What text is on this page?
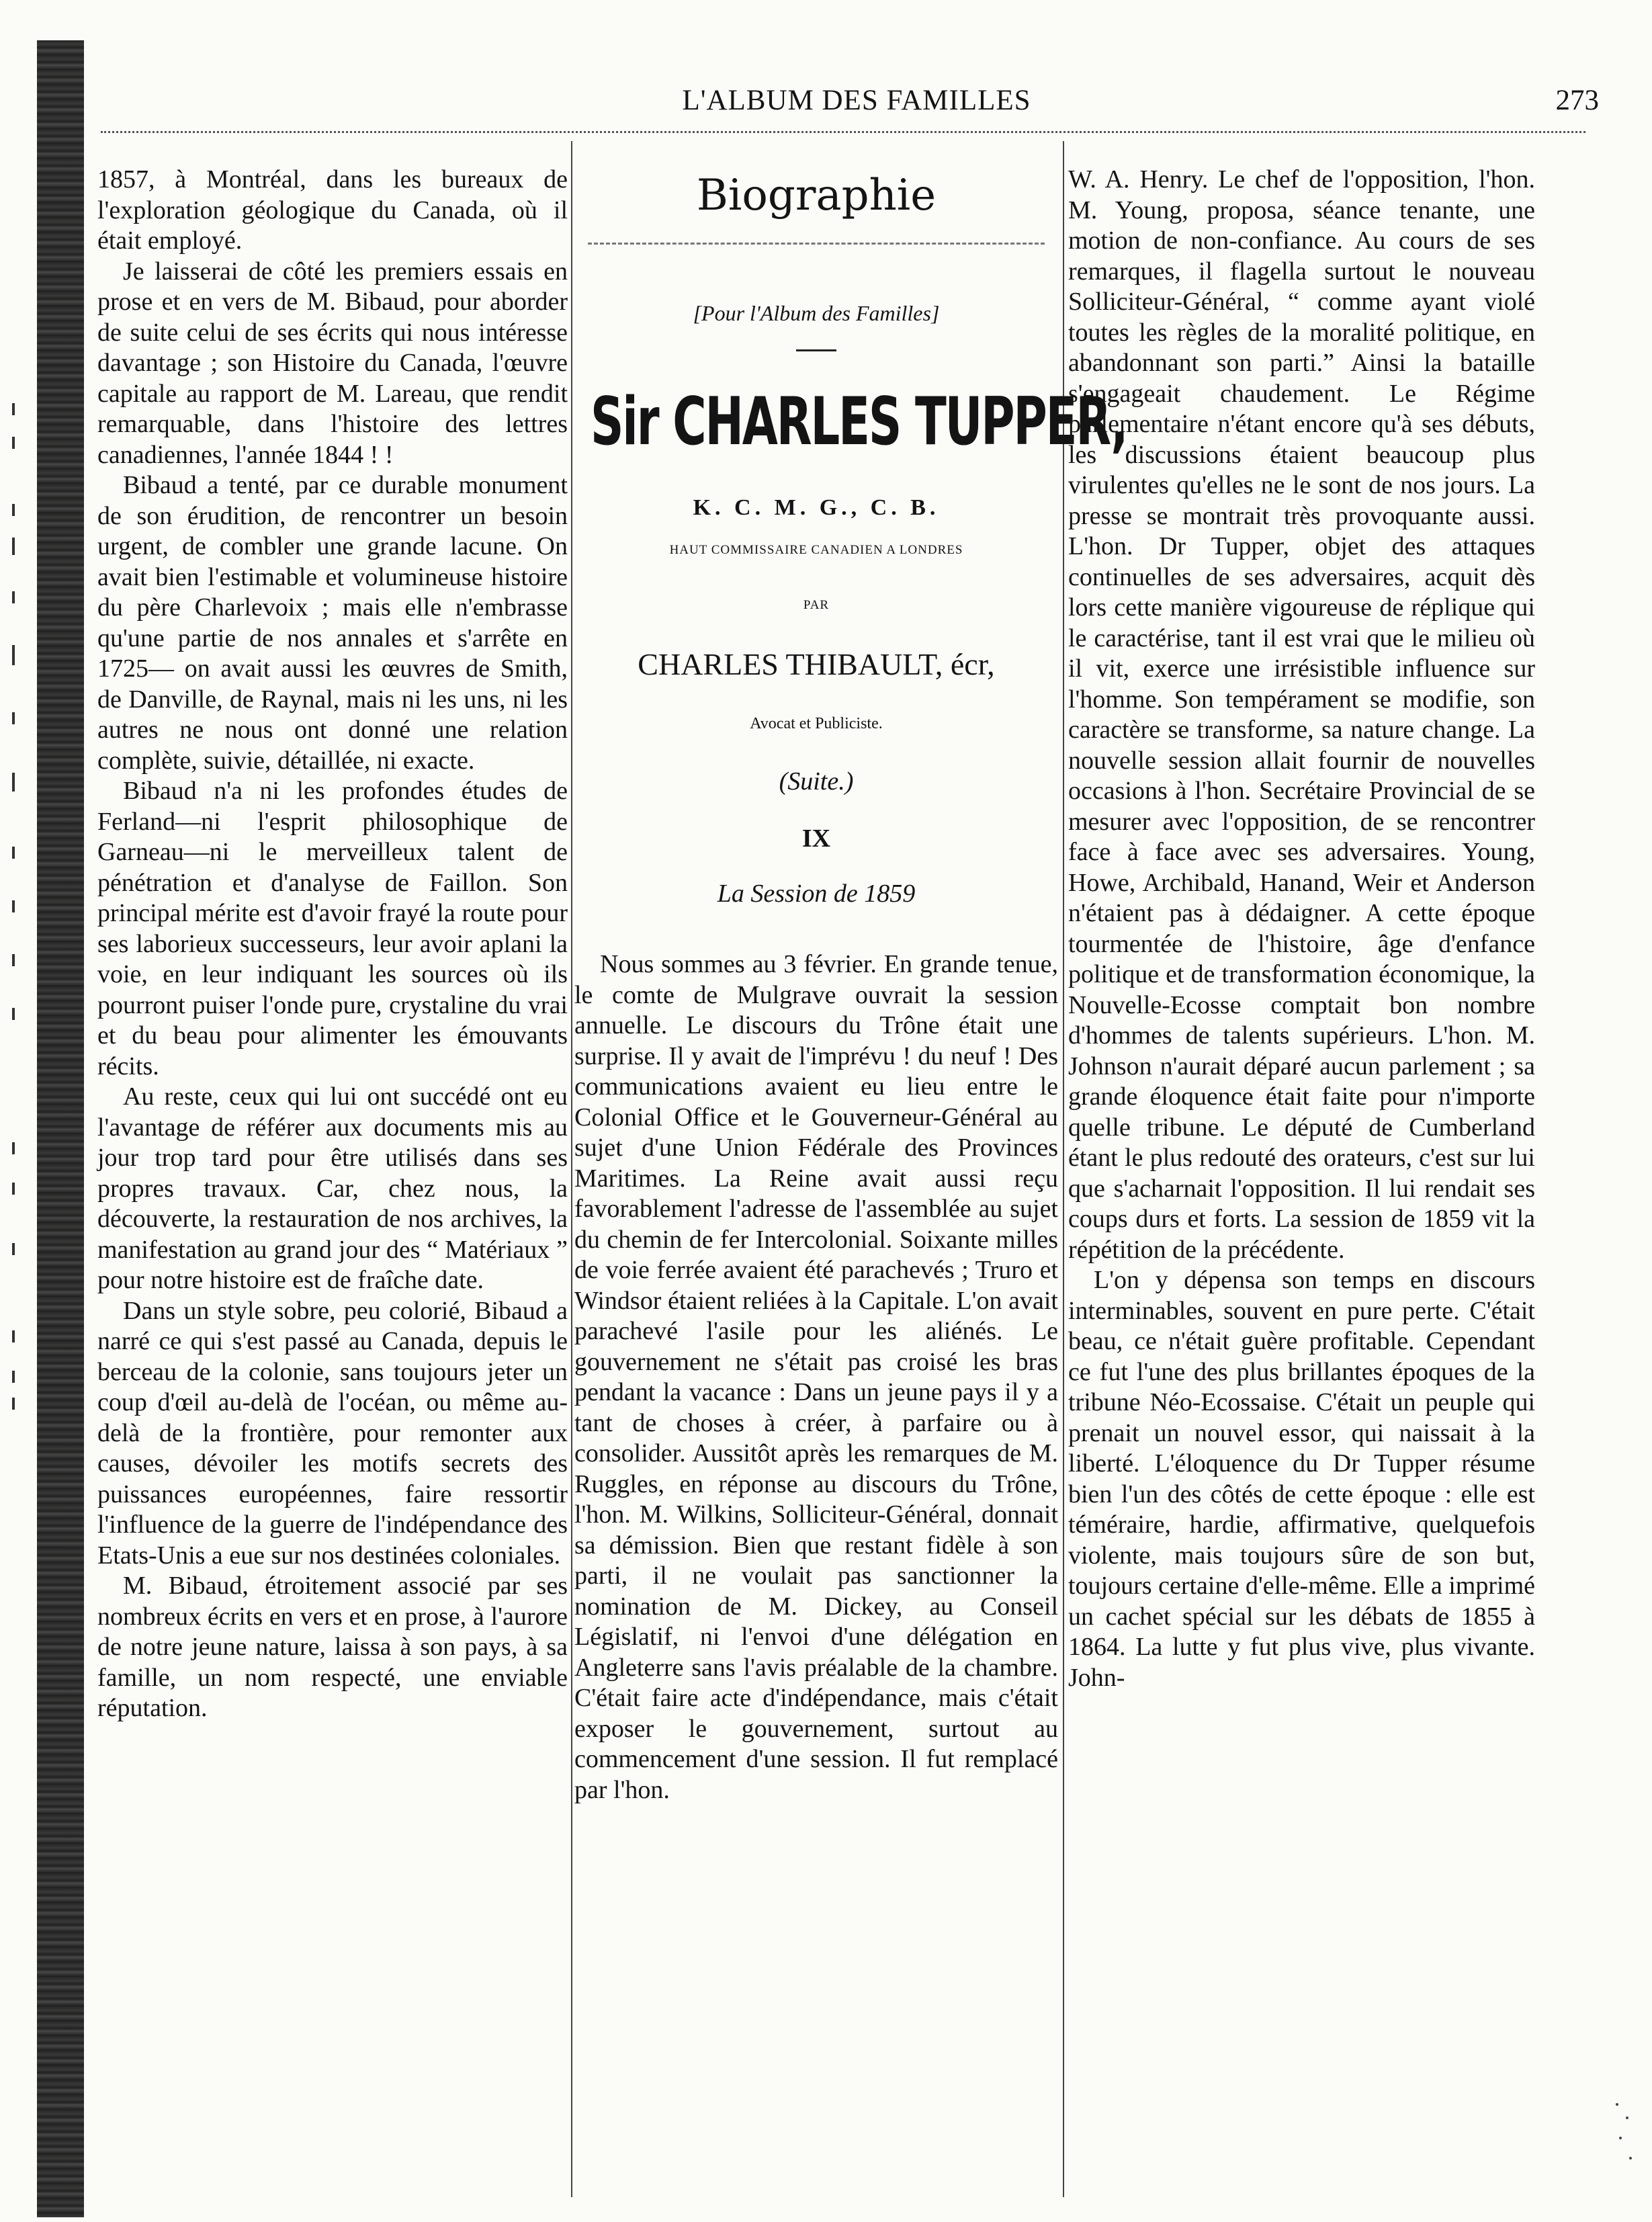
L'ALBUM DES FAMILLES	273

1857, à Montréal, dans les bureaux de l'exploration géologique du Canada, où il était employé.

Je laisserai de côté les premiers essais en prose et en vers de M. Bibaud, pour aborder de suite celui de ses écrits qui nous intéresse davantage ; son Histoire du Canada, l'œuvre capitale au rapport de M. Lareau, que rendit remarquable, dans l'histoire des lettres canadiennes, l'année 1844 ! !

Bibaud a tenté, par ce durable monument de son érudition, de rencontrer un besoin urgent, de combler une grande lacune. On avait bien l'estimable et volumineuse histoire du père Charlevoix ; mais elle n'embrasse qu'une partie de nos annales et s'arrête en 1725— on avait aussi les œuvres de Smith, de Danville, de Raynal, mais ni les uns, ni les autres ne nous ont donné une relation complète, suivie, détaillée, ni exacte.

Bibaud n'a ni les profondes études de Ferland—ni l'esprit philosophique de Garneau—ni le merveilleux talent de pénétration et d'analyse de Faillon. Son principal mérite est d'avoir frayé la route pour ses laborieux successeurs, leur avoir aplani la voie, en leur indiquant les sources où ils pourront puiser l'onde pure, crystaline du vrai et du beau pour alimenter les émouvants récits.

Au reste, ceux qui lui ont succédé ont eu l'avantage de référer aux documents mis au jour trop tard pour être utilisés dans ses propres travaux. Car, chez nous, la découverte, la restauration de nos archives, la manifestation au grand jour des “ Matériaux ” pour notre histoire est de fraîche date.

Dans un style sobre, peu colorié, Bibaud a narré ce qui s'est passé au Canada, depuis le berceau de la colonie, sans toujours jeter un coup d'œil au-delà de l'océan, ou même au-delà de la frontière, pour remonter aux causes, dévoiler les motifs secrets des puissances européennes, faire ressortir l'influence de la guerre de l'indépendance des Etats-Unis a eue sur nos destinées coloniales.

M. Bibaud, étroitement associé par ses nombreux écrits en vers et en prose, à l'aurore de notre jeune nature, laissa à son pays, à sa famille, un nom respecté, une enviable réputation.

Biographie
[Pour l'Album des Familles]
Sir CHARLES TUPPER,
K. C. M. G., C. B.
HAUT COMMISSAIRE CANADIEN A LONDRES
PAR
CHARLES THIBAULT, écr,
Avocat et Publiciste.
(Suite.)
IX
La Session de 1859

Nous sommes au 3 février. En grande tenue, le comte de Mulgrave ouvrait la session annuelle. Le discours du Trône était une surprise. Il y avait de l'imprévu ! du neuf ! Des communications avaient eu lieu entre le Colonial Office et le Gouverneur-Général au sujet d'une Union Fédérale des Provinces Maritimes. La Reine avait aussi reçu favorablement l'adresse de l'assemblée au sujet du chemin de fer Intercolonial. Soixante milles de voie ferrée avaient été parachevés ; Truro et Windsor étaient reliées à la Capitale. L'on avait parachevé l'asile pour les aliénés. Le gouvernement ne s'était pas croisé les bras pendant la vacance : Dans un jeune pays il y a tant de choses à créer, à parfaire ou à consolider. Aussitôt après les remarques de M. Ruggles, en réponse au discours du Trône, l'hon. M. Wilkins, Solliciteur-Général, donnait sa démission. Bien que restant fidèle à son parti, il ne voulait pas sanctionner la nomination de M. Dickey, au Conseil Législatif, ni l'envoi d'une délégation en Angleterre sans l'avis préalable de la chambre. C'était faire acte d'indépendance, mais c'était exposer le gouvernement, surtout au commencement d'une session. Il fut remplacé par l'hon.

W. A. Henry. Le chef de l'opposition, l'hon. M. Young, proposa, séance tenante, une motion de non-confiance. Au cours de ses remarques, il flagella surtout le nouveau Solliciteur-Général, “ comme ayant violé toutes les règles de la moralité politique, en abandonnant son parti.” Ainsi la bataille s'engageait chaudement. Le Régime parlementaire n'étant encore qu'à ses débuts, les discussions étaient beaucoup plus virulentes qu'elles ne le sont de nos jours. La presse se montrait très provoquante aussi. L'hon. Dr Tupper, objet des attaques continuelles de ses adversaires, acquit dès lors cette manière vigoureuse de réplique qui le caractérise, tant il est vrai que le milieu où il vit, exerce une irrésistible influence sur l'homme. Son tempérament se modifie, son caractère se transforme, sa nature change. La nouvelle session allait fournir de nouvelles occasions à l'hon. Secrétaire Provincial de se mesurer avec l'opposition, de se rencontrer face à face avec ses adversaires. Young, Howe, Archibald, Hanand, Weir et Anderson n'étaient pas à dédaigner. A cette époque tourmentée de l'histoire, âge d'enfance politique et de transformation économique, la Nouvelle-Ecosse comptait bon nombre d'hommes de talents supérieurs. L'hon. M. Johnson n'aurait déparé aucun parlement ; sa grande éloquence était faite pour n'importe quelle tribune. Le député de Cumberland étant le plus redouté des orateurs, c'est sur lui que s'acharnait l'opposition. Il lui rendait ses coups durs et forts. La session de 1859 vit la répétition de la précédente.

L'on y dépensa son temps en discours interminables, souvent en pure perte. C'était beau, ce n'était guère profitable. Cependant ce fut l'une des plus brillantes époques de la tribune Néo-Ecossaise. C'était un peuple qui prenait un nouvel essor, qui naissait à la liberté. L'éloquence du Dr Tupper résume bien l'un des côtés de cette époque : elle est téméraire, hardie, affirmative, quelquefois violente, mais toujours sûre de son but, toujours certaine d'elle-même. Elle a imprimé un cachet spécial sur les débats de 1855 à 1864. La lutte y fut plus vive, plus vivante. John-
